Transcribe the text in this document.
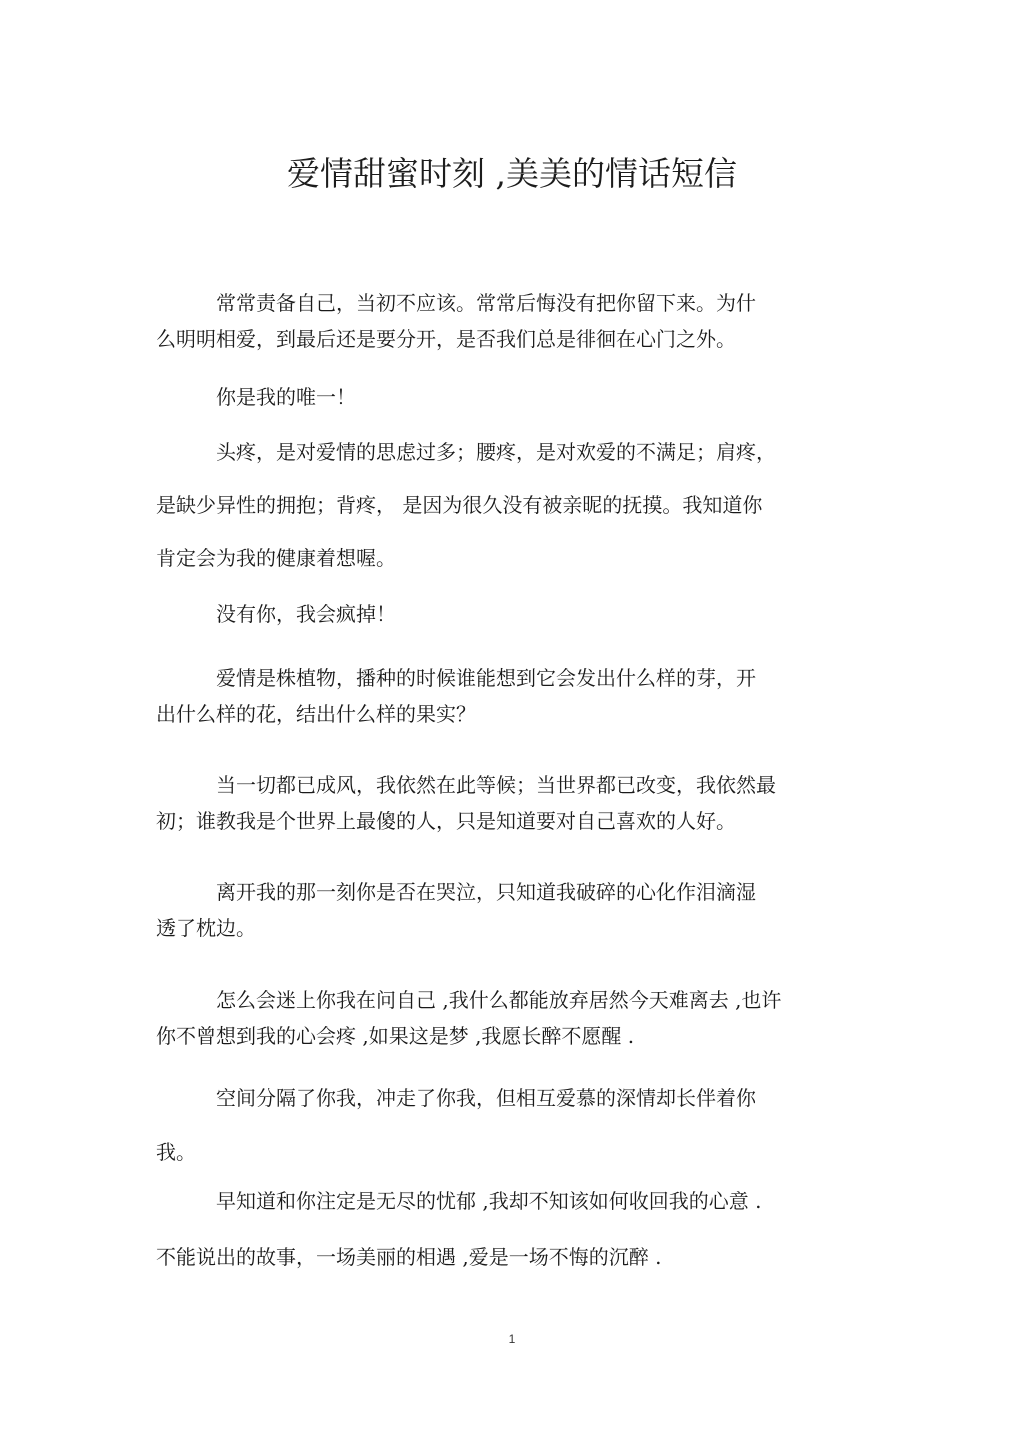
爱情甜蜜时刻 ,美美的情话短信
常常责备自己，当初不应该。常常后悔没有把你留下来。为什
么明明相爱，到最后还是要分开，是否我们总是徘徊在心门之外。
你是我的唯一！
头疼，是对爱情的思虑过多；腰疼，是对欢爱的不满足；肩疼，
是缺少异性的拥抱；背疼， 是因为很久没有被亲昵的抚摸。我知道你
肯定会为我的健康着想喔。
没有你，我会疯掉！
爱情是株植物，播种的时候谁能想到它会发出什么样的芽，开
出什么样的花，结出什么样的果实？
当一切都已成风，我依然在此等候；当世界都已改变，我依然最
初；谁教我是个世界上最傻的人，只是知道要对自己喜欢的人好。
离开我的那一刻你是否在哭泣，只知道我破碎的心化作泪滴湿
透了枕边。
怎么会迷上你我在问自己 ,我什么都能放弃居然今天难离去 ,也许
你不曾想到我的心会疼 ,如果这是梦 ,我愿长醉不愿醒 .
空间分隔了你我，冲走了你我，但相互爱慕的深情却长伴着你
我。
早知道和你注定是无尽的忧郁 ,我却不知该如何收回我的心意 .
不能说出的故事，一场美丽的相遇 ,爱是一场不悔的沉醉 .
1
